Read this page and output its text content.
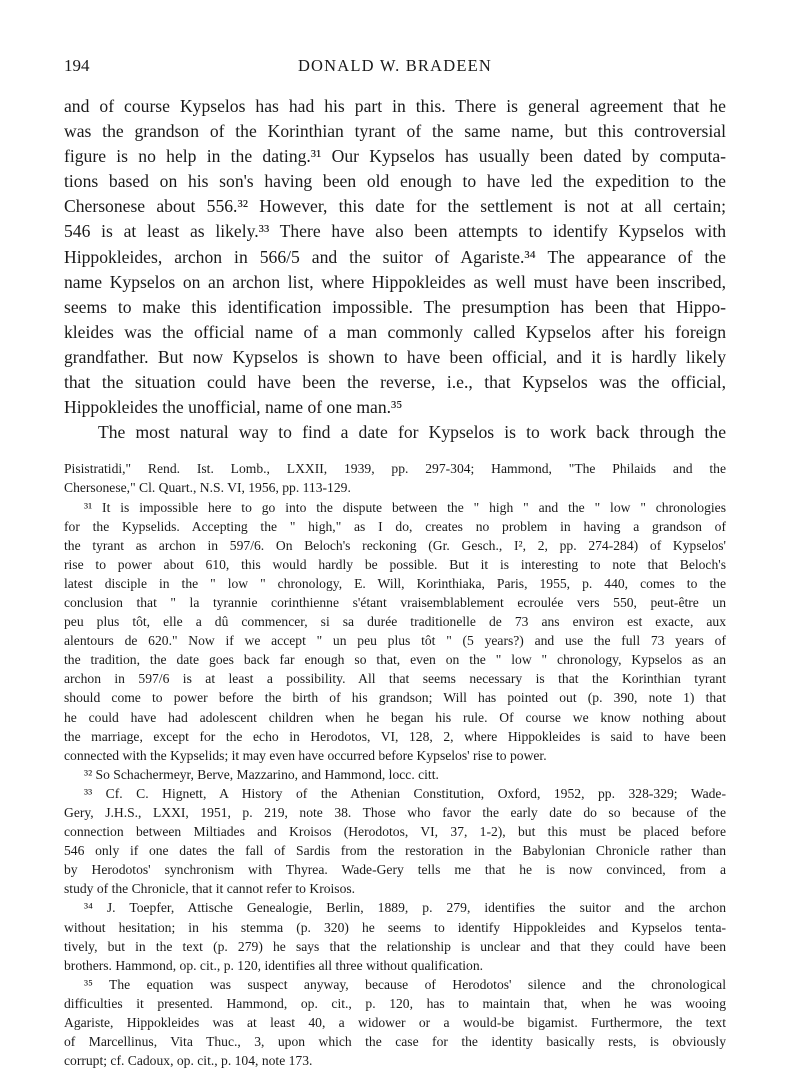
194	DONALD W. BRADEEN

and of course Kypselos has had his part in this. There is general agreement that he
was the grandson of the Korinthian tyrant of the same name, but this controversial
figure is no help in the dating.³¹ Our Kypselos has usually been dated by computa-
tions based on his son's having been old enough to have led the expedition to the
Chersonese about 556.³² However, this date for the settlement is not at all certain;
546 is at least as likely.³³ There have also been attempts to identify Kypselos with
Hippokleides, archon in 566/5 and the suitor of Agariste.³⁴ The appearance of the
name Kypselos on an archon list, where Hippokleides as well must have been inscribed,
seems to make this identification impossible. The presumption has been that Hippo-
kleides was the official name of a man commonly called Kypselos after his foreign
grandfather. But now Kypselos is shown to have been official, and it is hardly likely
that the situation could have been the reverse, i.e., that Kypselos was the official,
Hippokleides the unofficial, name of one man.³⁵

The most natural way to find a date for Kypselos is to work back through the

Pisistratidi," Rend. Ist. Lomb., LXXII, 1939, pp. 297-304; Hammond, "The Philaids and the
Chersonese," Cl. Quart., N.S. VI, 1956, pp. 113-129.
³¹ It is impossible here to go into the dispute between the " high " and the " low " chronologies
for the Kypselids. Accepting the " high," as I do, creates no problem in having a grandson of
the tyrant as archon in 597/6. On Beloch's reckoning (Gr. Gesch., I², 2, pp. 274-284) of Kypselos'
rise to power about 610, this would hardly be possible. But it is interesting to note that Beloch's
latest disciple in the " low " chronology, E. Will, Korinthiaka, Paris, 1955, p. 440, comes to the
conclusion that " la tyrannie corinthienne s'étant vraisemblablement ecroulée vers 550, peut-être un
peu plus tôt, elle a dû commencer, si sa durée traditionelle de 73 ans environ est exacte, aux
alentours de 620." Now if we accept " un peu plus tôt " (5 years?) and use the full 73 years of
the tradition, the date goes back far enough so that, even on the " low " chronology, Kypselos as an
archon in 597/6 is at least a possibility. All that seems necessary is that the Korinthian tyrant
should come to power before the birth of his grandson; Will has pointed out (p. 390, note 1) that
he could have had adolescent children when he began his rule. Of course we know nothing about
the marriage, except for the echo in Herodotos, VI, 128, 2, where Hippokleides is said to have been
connected with the Kypselids; it may even have occurred before Kypselos' rise to power.
³² So Schachermeyr, Berve, Mazzarino, and Hammond, locc. citt.
³³ Cf. C. Hignett, A History of the Athenian Constitution, Oxford, 1952, pp. 328-329; Wade-
Gery, J.H.S., LXXI, 1951, p. 219, note 38. Those who favor the early date do so because of the
connection between Miltiades and Kroisos (Herodotos, VI, 37, 1-2), but this must be placed before
546 only if one dates the fall of Sardis from the restoration in the Babylonian Chronicle rather than
by Herodotos' synchronism with Thyrea. Wade-Gery tells me that he is now convinced, from a
study of the Chronicle, that it cannot refer to Kroisos.
³⁴ J. Toepfer, Attische Genealogie, Berlin, 1889, p. 279, identifies the suitor and the archon
without hesitation; in his stemma (p. 320) he seems to identify Hippokleides and Kypselos tenta-
tively, but in the text (p. 279) he says that the relationship is unclear and that they could have been
brothers. Hammond, op. cit., p. 120, identifies all three without qualification.
³⁵ The equation was suspect anyway, because of Herodotos' silence and the chronological
difficulties it presented. Hammond, op. cit., p. 120, has to maintain that, when he was wooing
Agariste, Hippokleides was at least 40, a widower or a would-be bigamist. Furthermore, the text
of Marcellinus, Vita Thuc., 3, upon which the case for the identity basically rests, is obviously
corrupt; cf. Cadoux, op. cit., p. 104, note 173.
